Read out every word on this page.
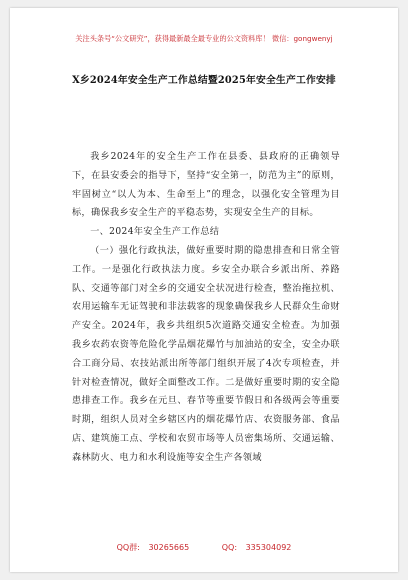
关注头条号“公文研究”，获得最新最全最专业的公文资料库！ 微信：gongwenyj
X乡2024年安全生产工作总结暨2025年安全生产工作安排

我乡2024年的安全生产工作在县委、县政府的正确领导下，在县安委会的指导下，坚持“安全第一，防范为主”的原则，牢固树立“以人为本、生命至上”的理念，以强化安全管理为目标，确保我乡安全生产的平稳态势，实现安全生产的目标。

一、2024年安全生产工作总结

（一）强化行政执法，做好重要时期的隐患排查和日常全管工作。一是强化行政执法力度。乡安全办联合乡派出所、养路队、交通等部门对全乡的交通安全状况进行检查，整治拖拉机、农用运输车无证驾驶和非法载客的现象确保我乡人民群众生命财产安全。2024年，我乡共组织5次道路交通安全检查。为加强我乡农药农资等危险化学品烟花爆竹与加油站的安全，安全办联合工商分局、农技站派出所等部门组织开展了4次专项检查，并针对检查情况，做好全面整改工作。二是做好重要时期的安全隐患排查工作。我乡在元旦、春节等重要节假日和各级两会等重要时期，组织人员对全乡辖区内的烟花爆竹店、农资服务部、食品店、建筑施工点、学校和农贸市场等人员密集场所、交通运输、森林防火、电力和水利设施等安全生产各领域

QQ群: 30265665	QQ: 335304092
